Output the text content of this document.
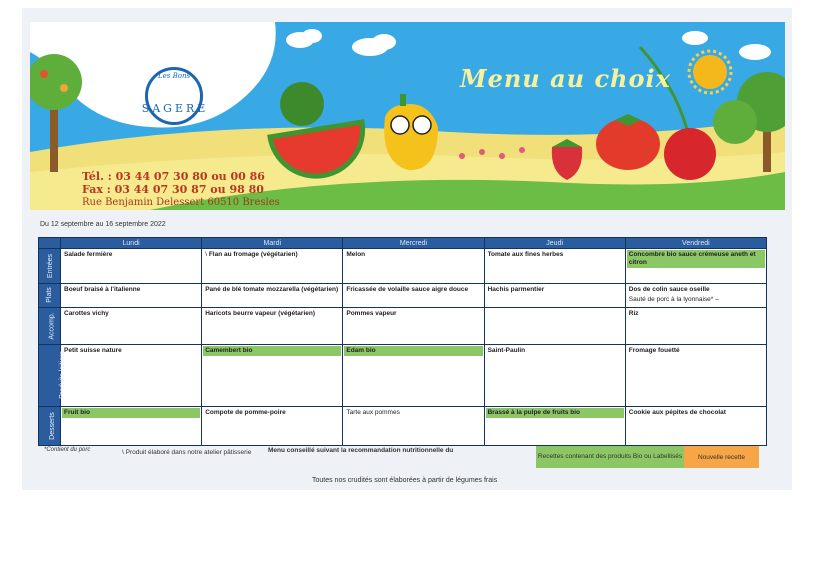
Les Bons
SAGERE
Menu au choix
Tél. : 03 44 07 30 80 ou 00 86
Fax : 03 44 07 30 87 ou 98 80
Rue Benjamin Delessert 60510 Bresles
Du 12 septembre au 16 septembre 2022
	Lundi	Mardi	Mercredi	Jeudi	Vendredi
Entrées	Salade fermière	\ Flan au fromage (végétarien)	Melon	Tomate aux fines herbes	Concombre bio sauce crémeuse aneth et citron

Plats	Boeuf braisé à l'italienne	Pané de blé tomate mozzarella (végétarien)	Fricassée de volaille sauce aigre douce	Hachis parmentier	Dos de colin sauce oseille
Sauté de porc à la lyonnaise* –

Accomp.	Carottes vichy	Haricots beurre vapeur (végétarien)	Pommes vapeur		Riz
Produits laitiers	Petit suisse nature	Camembert bio	Edam bio	Saint-Paulin	Fromage fouetté
Desserts	Fruit bio	Compote de pomme-poire	Tarte aux pommes	Brassé à la pulpe de fruits bio	Cookie aux pépites de chocolat
*Contient du porc	\ Produit élaboré dans notre atelier pâtisserie	Menu conseillé suivant la recommandation nutritionnelle du
Recettes contenant des produits Bio ou Labellisés	Nouvelle recette
Toutes nos crudités sont élaborées à partir de légumes frais
